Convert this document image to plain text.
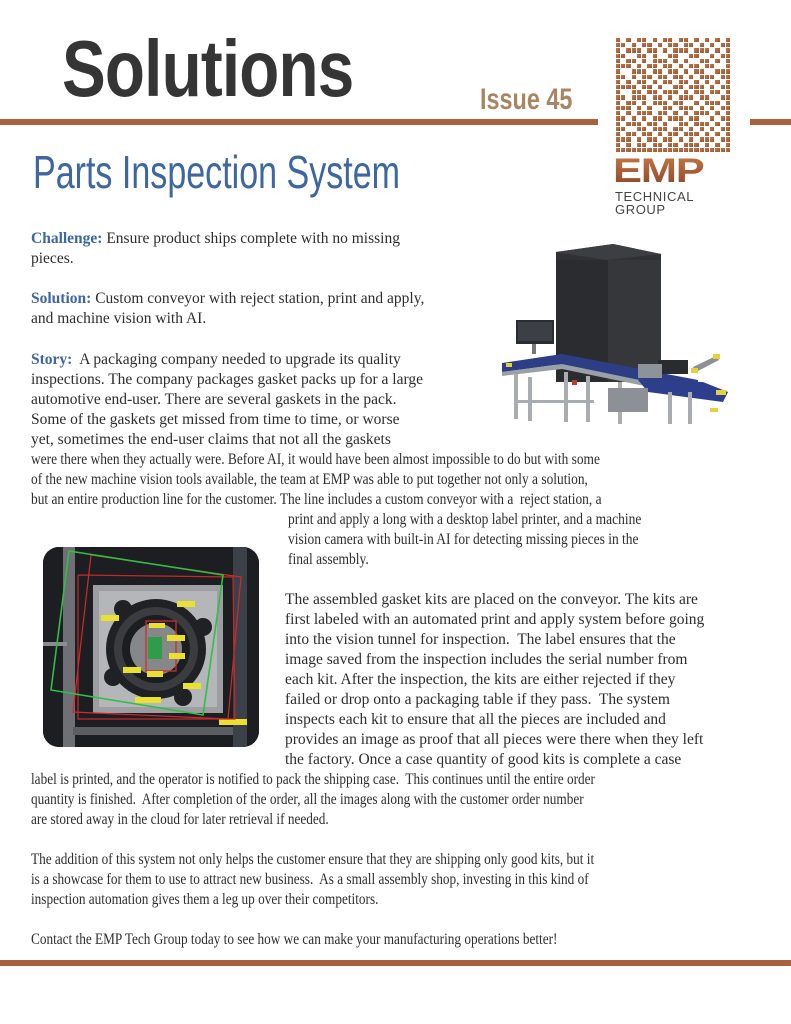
Solutions	Issue 45
Parts Inspection System	EMP
TECHNICAL
GROUP
Challenge: Ensure product ships complete with no missing
pieces.
Solution: Custom conveyor with reject station, print and apply,
and machine vision with AI.
Story:  A packaging company needed to upgrade its quality
inspections. The company packages gasket packs up for a large
automotive end-user. There are several gaskets in the pack.
Some of the gaskets get missed from time to time, or worse
yet, sometimes the end-user claims that not all the gaskets
were there when they actually were. Before AI, it would have been almost impossible to do but with some
of the new machine vision tools available, the team at EMP was able to put together not only a solution,
but an entire production line for the customer. The line includes a custom conveyor with a  reject station, a
print and apply a long with a desktop label printer, and a machine
vision camera with built-in AI for detecting missing pieces in the
final assembly.
The assembled gasket kits are placed on the conveyor. The kits are
first labeled with an automated print and apply system before going
into the vision tunnel for inspection.  The label ensures that the
image saved from the inspection includes the serial number from
each kit. After the inspection, the kits are either rejected if they
failed or drop onto a packaging table if they pass.  The system
inspects each kit to ensure that all the pieces are included and
provides an image as proof that all pieces were there when they left
the factory. Once a case quantity of good kits is complete a case
label is printed, and the operator is notified to pack the shipping case.  This continues until the entire order
quantity is finished.  After completion of the order, all the images along with the customer order number
are stored away in the cloud for later retrieval if needed.
The addition of this system not only helps the customer ensure that they are shipping only good kits, but it
is a showcase for them to use to attract new business.  As a small assembly shop, investing in this kind of
inspection automation gives them a leg up over their competitors.
Contact the EMP Tech Group today to see how we can make your manufacturing operations better!
